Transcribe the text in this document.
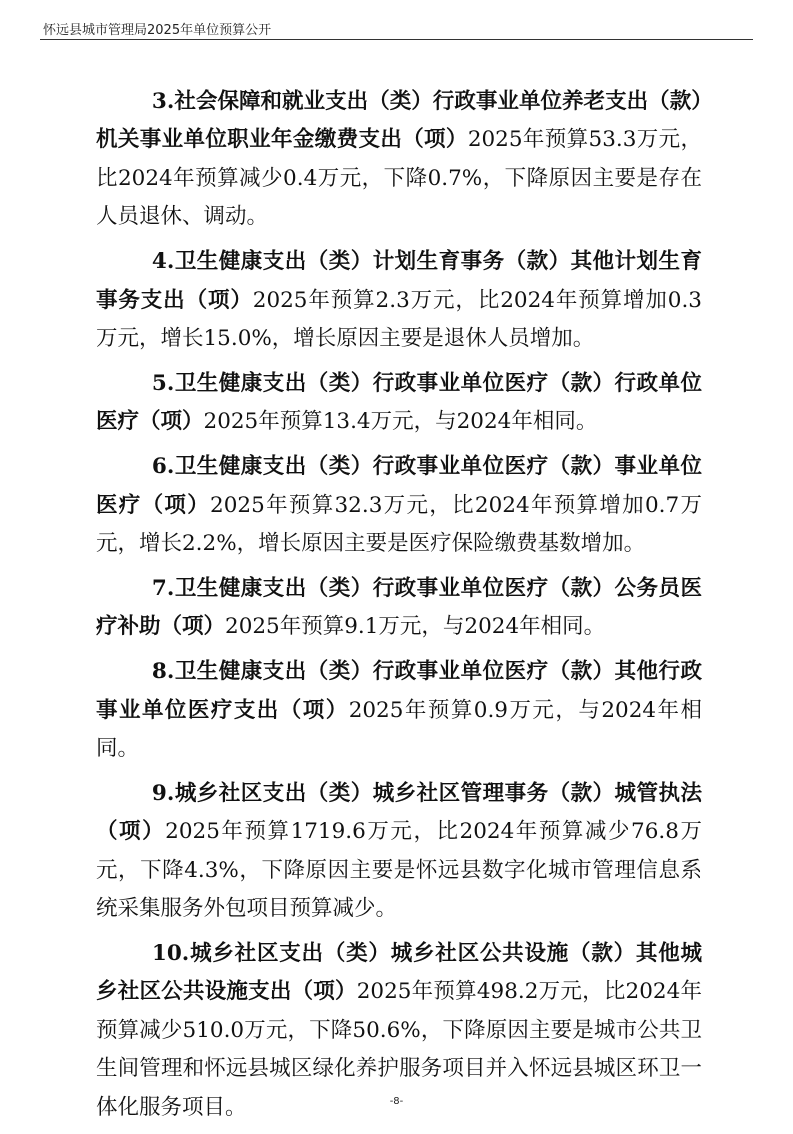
怀远县城市管理局2025年单位预算公开

3.社会保障和就业支出（类）行政事业单位养老支出（款）机关事业单位职业年金缴费支出（项）2025年预算53.3万元，比2024年预算减少0.4万元，下降0.7%，下降原因主要是存在人员退休、调动。

4.卫生健康支出（类）计划生育事务（款）其他计划生育事务支出（项）2025年预算2.3万元，比2024年预算增加0.3万元，增长15.0%，增长原因主要是退休人员增加。

5.卫生健康支出（类）行政事业单位医疗（款）行政单位医疗（项）2025年预算13.4万元，与2024年相同。

6.卫生健康支出（类）行政事业单位医疗（款）事业单位医疗（项）2025年预算32.3万元，比2024年预算增加0.7万元，增长2.2%，增长原因主要是医疗保险缴费基数增加。

7.卫生健康支出（类）行政事业单位医疗（款）公务员医疗补助（项）2025年预算9.1万元，与2024年相同。

8.卫生健康支出（类）行政事业单位医疗（款）其他行政事业单位医疗支出（项）2025年预算0.9万元，与2024年相同。

9.城乡社区支出（类）城乡社区管理事务（款）城管执法（项）2025年预算1719.6万元，比2024年预算减少76.8万元，下降4.3%，下降原因主要是怀远县数字化城市管理信息系统采集服务外包项目预算减少。

10.城乡社区支出（类）城乡社区公共设施（款）其他城乡社区公共设施支出（项）2025年预算498.2万元，比2024年预算减少510.0万元，下降50.6%，下降原因主要是城市公共卫生间管理和怀远县城区绿化养护服务项目并入怀远县城区环卫一体化服务项目。	-8-
